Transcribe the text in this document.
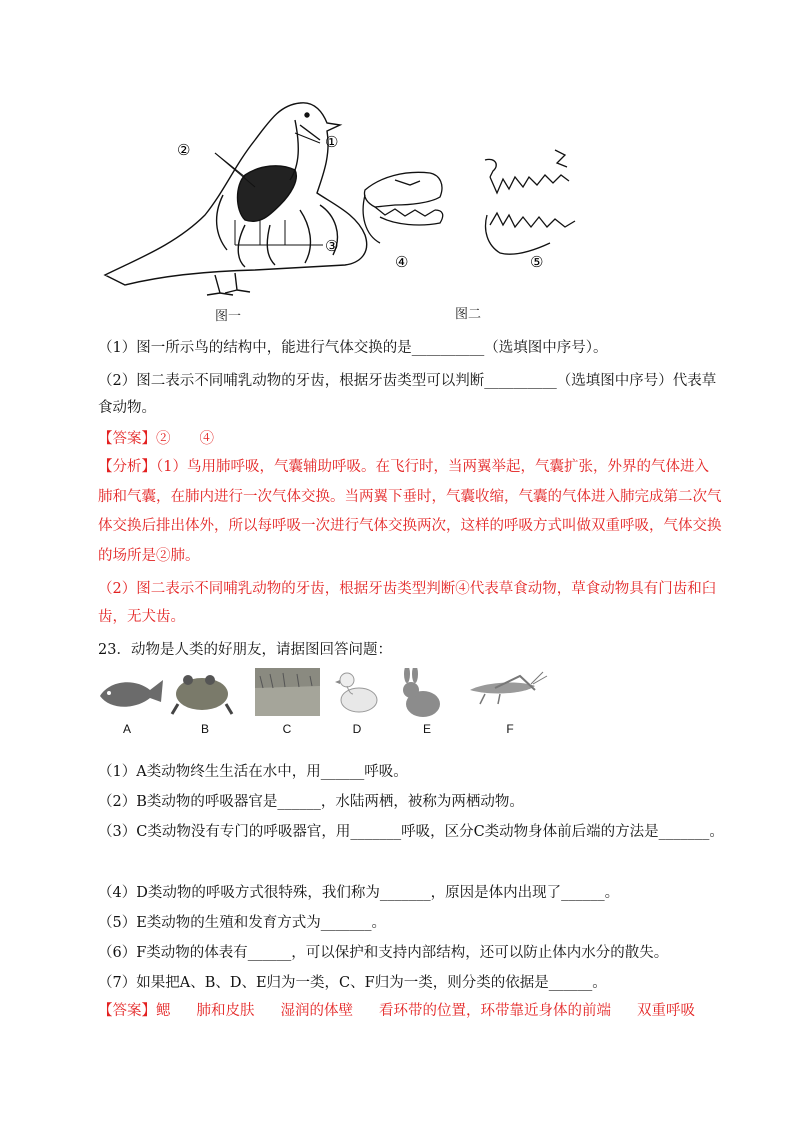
②	①
③
④	⑤
图一	图二
（1）图一所示鸟的结构中，能进行气体交换的是__________（选填图中序号）。
（2）图二表示不同哺乳动物的牙齿，根据牙齿类型可以判断__________（选填图中序号）代表草
食动物。
【答案】②　　④
【分析】（1）鸟用肺呼吸，气囊辅助呼吸。在飞行时，当两翼举起，气囊扩张，外界的气体进入
肺和气囊，在肺内进行一次气体交换。当两翼下垂时，气囊收缩，气囊的气体进入肺完成第二次气
体交换后排出体外，所以每呼吸一次进行气体交换两次，这样的呼吸方式叫做双重呼吸，气体交换
的场所是②肺。
（2）图二表示不同哺乳动物的牙齿，根据牙齿类型判断④代表草食动物，草食动物具有门齿和臼
齿，无犬齿。
23．动物是人类的好朋友，请据图回答问题：
A	B	C	D	E	F
（1）A类动物终生生活在水中，用______呼吸。
（2）B类动物的呼吸器官是______，水陆两栖，被称为两栖动物。
（3）C类动物没有专门的呼吸器官，用_______呼吸，区分C类动物身体前后端的方法是_______。
（4）D类动物的呼吸方式很特殊，我们称为_______，原因是体内出现了______。
（5）E类动物的生殖和发育方式为_______。
（6）F类动物的体表有______，可以保护和支持内部结构，还可以防止体内水分的散失。
（7）如果把A、B、D、E归为一类，C、F归为一类，则分类的依据是______。
【答案】鳃 肺和皮肤 湿润的体壁 看环带的位置，环带靠近身体的前端 双重呼吸
